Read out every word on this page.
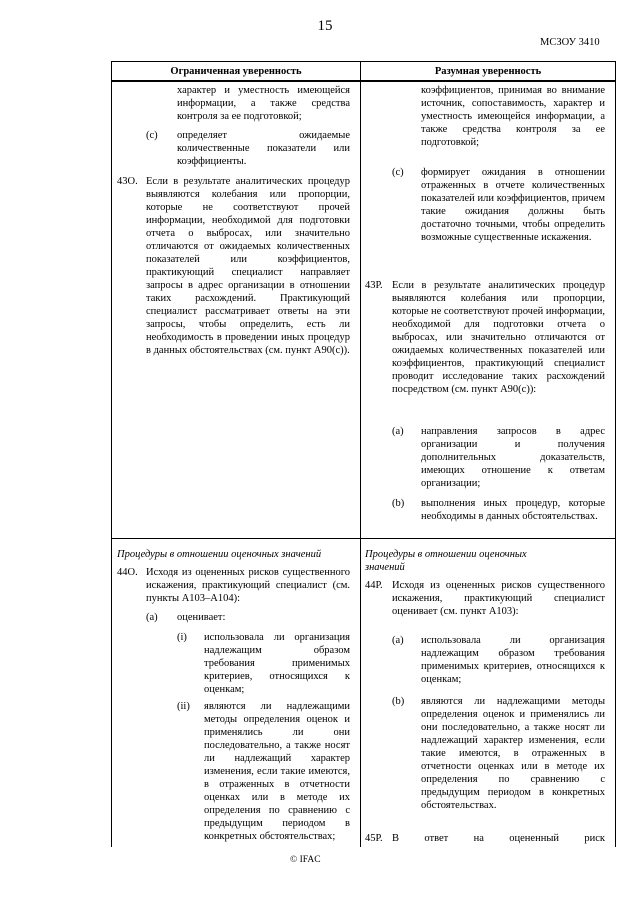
15
МСЗОУ 3410
Ограниченная уверенность	Разумная уверенность
характер и уместность имеющейся информации, а также средства контроля за ее подготовкой;
(c) определяет ожидаемые количественные показатели или коэффициенты.
43O. Если в результате аналитических процедур выявляются колебания или пропорции, которые не соответствуют прочей информации, необходимой для подготовки отчета о выбросах, или значительно отличаются от ожидаемых количественных показателей или коэффициентов, практикующий специалист направляет запросы в адрес организации в отношении таких расхождений. Практикующий специалист рассматривает ответы на эти запросы, чтобы определить, есть ли необходимость в проведении иных процедур в данных обстоятельствах (см. пункт А90(c)).
Процедуры в отношении оценочных значений
44O. Исходя из оцененных рисков существенного искажения, практикующий специалист (см. пункты А103–А104):
(a) оценивает:
(i) использовала ли организация надлежащим образом требования применимых критериев, относящихся к оценкам;
(ii) являются ли надлежащими методы определения оценок и применялись ли они последовательно, а также носят ли надлежащий характер изменения, если такие имеются, в отраженных в отчетности оценках или в методе их определения по сравнению с предыдущим периодом в конкретных обстоятельствах;
коэффициентов, принимая во внимание источник, сопоставимость, характер и уместность имеющейся информации, а также средства контроля за ее подготовкой;
(c) формирует ожидания в отношении отраженных в отчете количественных показателей или коэффициентов, причем такие ожидания должны быть достаточно точными, чтобы определить возможные существенные искажения.
43Р. Если в результате аналитических процедур выявляются колебания или пропорции, которые не соответствуют прочей информации, необходимой для подготовки отчета о выбросах, или значительно отличаются от ожидаемых количественных показателей или коэффициентов, практикующий специалист проводит исследование таких расхождений посредством (см. пункт А90(c)):
(a) направления запросов в адрес организации и получения дополнительных доказательств, имеющих отношение к ответам организации;
(b) выполнения иных процедур, которые необходимы в данных обстоятельствах.
Процедуры в отношении оценочных значений
44Р. Исходя из оцененных рисков существенного искажения, практикующий специалист оценивает (см. пункт А103):
(a) использовала ли организация надлежащим образом требования применимых критериев, относящихся к оценкам;
(b) являются ли надлежащими методы определения оценок и применялись ли они последовательно, а также носят ли надлежащий характер изменения, если такие имеются, в отраженных в отчетности оценках или в методе их определения по сравнению с предыдущим периодом в конкретных обстоятельствах.
45Р. В ответ на оцененный риск
© IFAC
